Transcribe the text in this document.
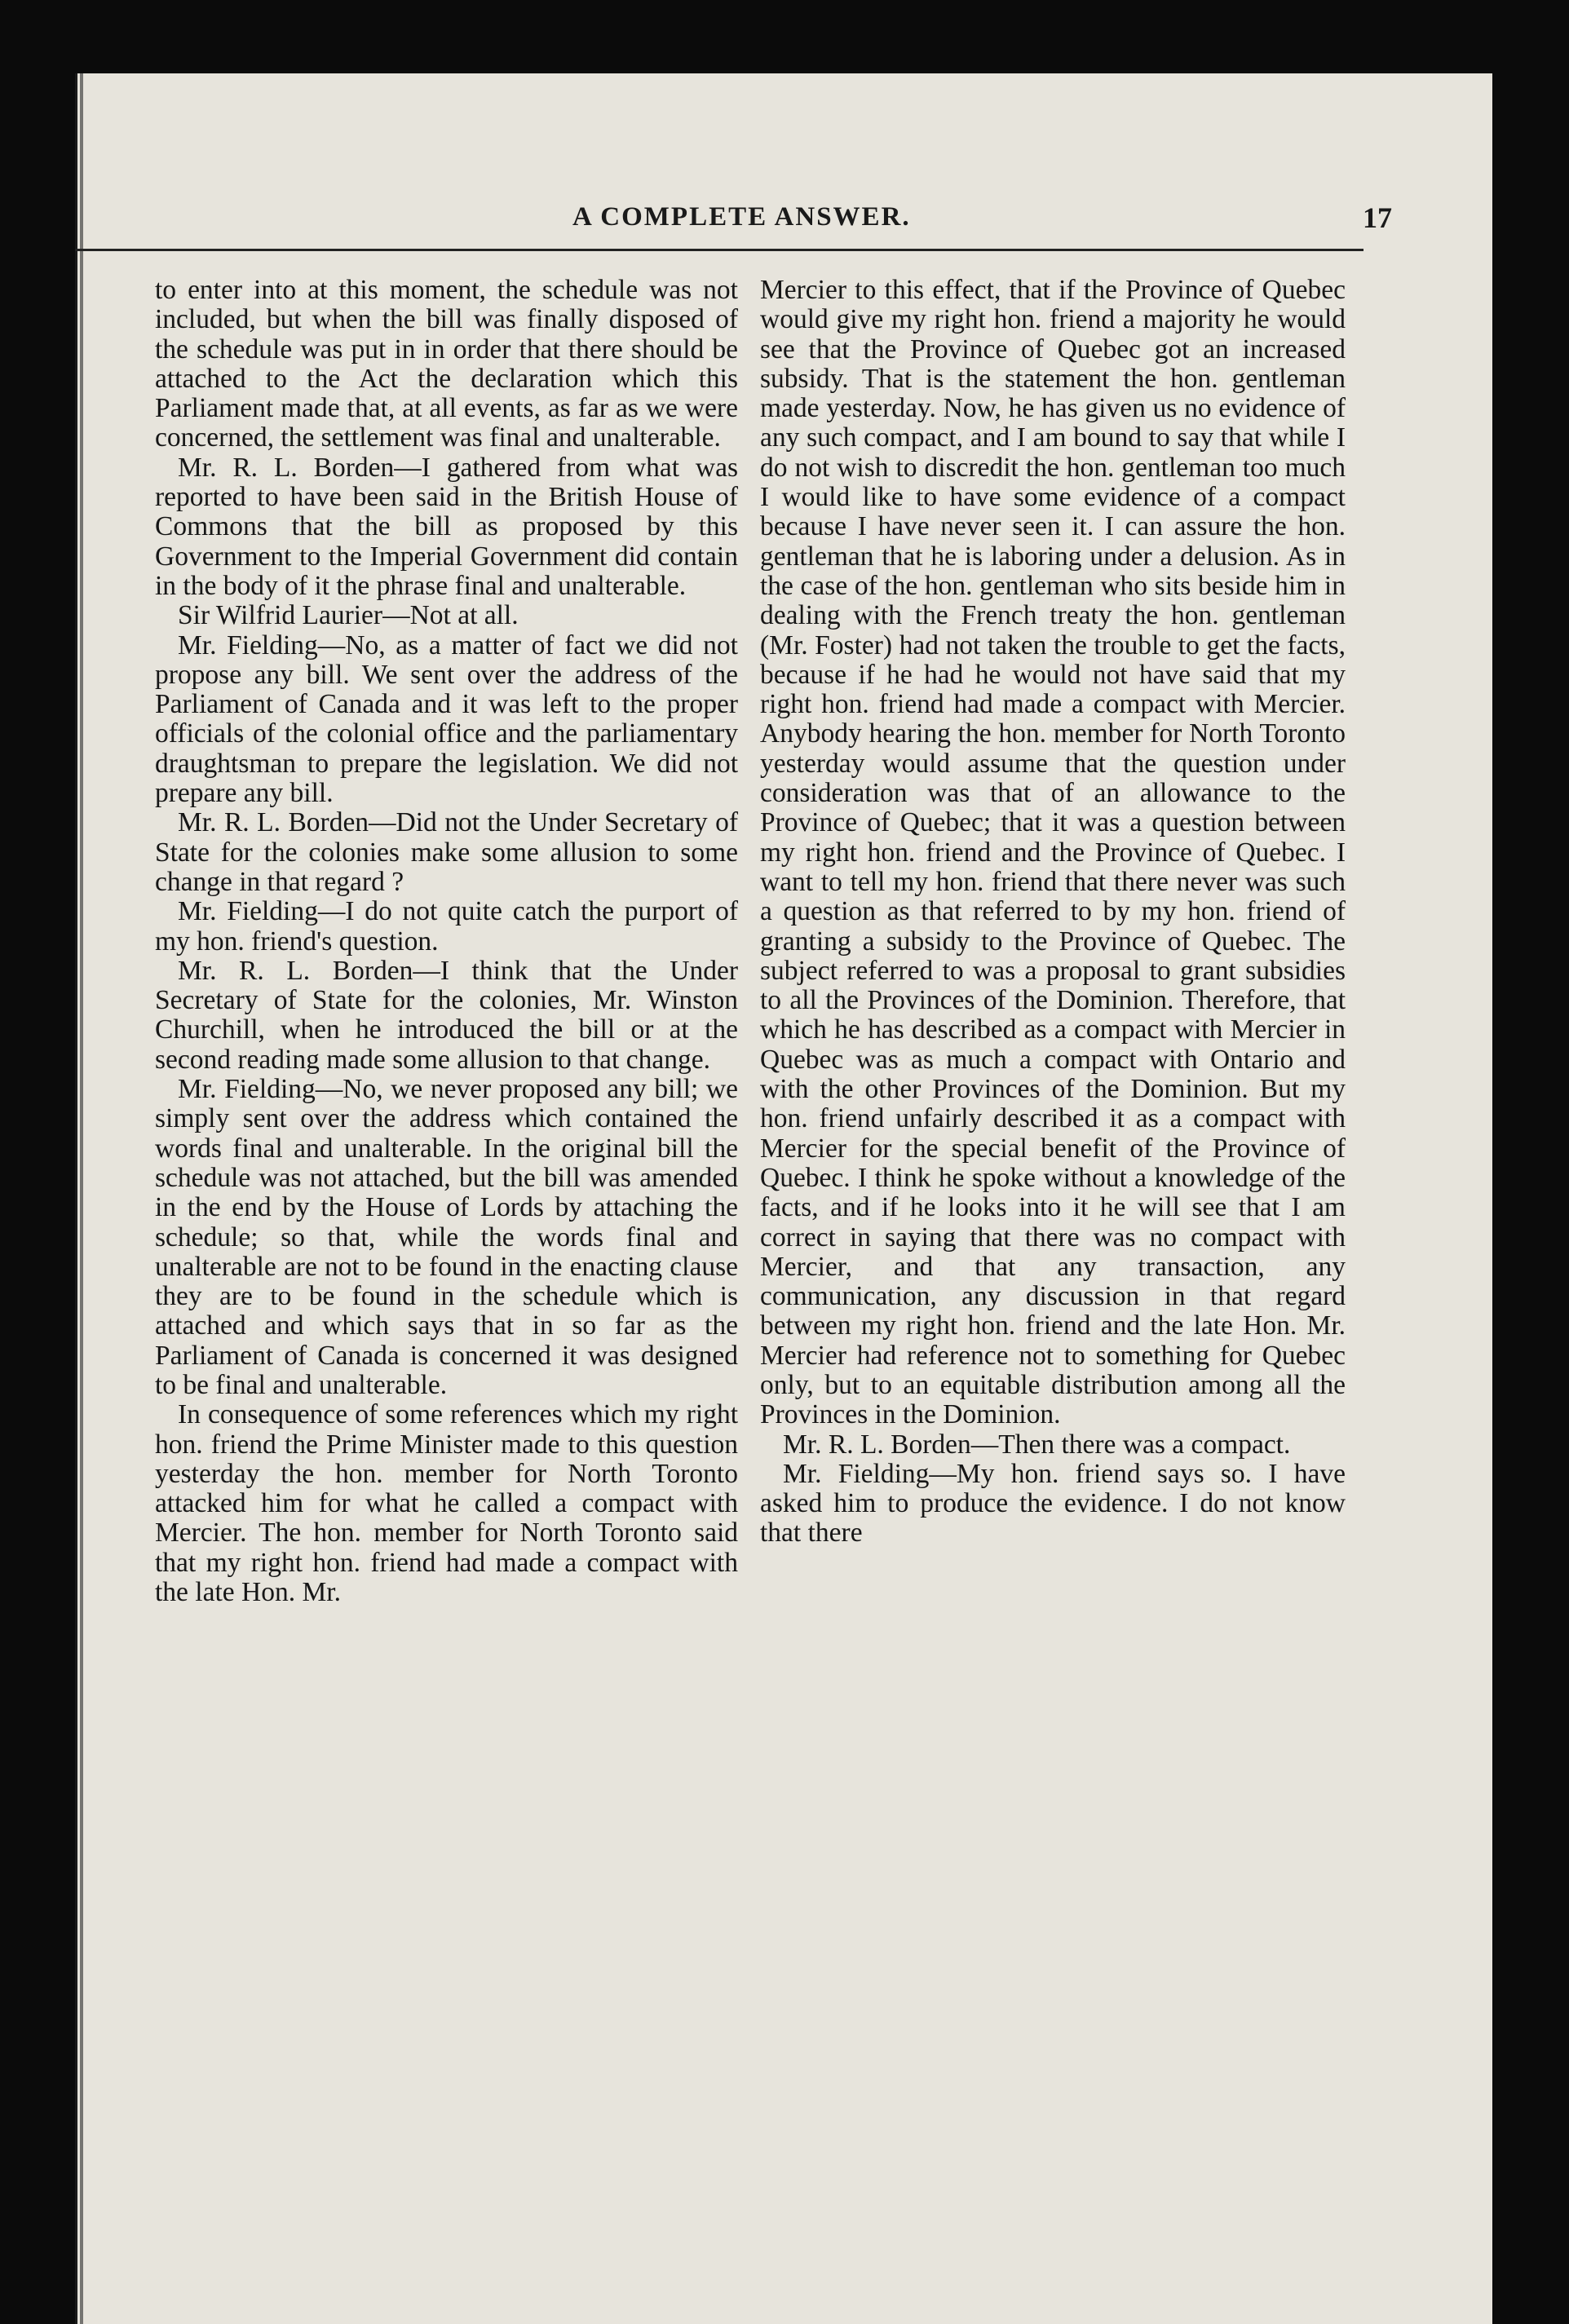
A COMPLETE ANSWER.	17

to enter into at this moment, the schedule was not included, but when the bill was finally disposed of the schedule was put in in order that there should be attached to the Act the declaration which this Parliament made that, at all events, as far as we were concerned, the settlement was final and unalterable.

Mr. R. L. Borden—I gathered from what was reported to have been said in the British House of Commons that the bill as proposed by this Government to the Imperial Government did contain in the body of it the phrase final and unalterable.

Sir Wilfrid Laurier—Not at all.

Mr. Fielding—No, as a matter of fact we did not propose any bill. We sent over the address of the Parliament of Canada and it was left to the proper officials of the colonial office and the parliamentary draughtsman to prepare the legislation. We did not prepare any bill.

Mr. R. L. Borden—Did not the Under Secretary of State for the colonies make some allusion to some change in that regard ?

Mr. Fielding—I do not quite catch the purport of my hon. friend's question.

Mr. R. L. Borden—I think that the Under Secretary of State for the colonies, Mr. Winston Churchill, when he introduced the bill or at the second reading made some allusion to that change.

Mr. Fielding—No, we never proposed any bill; we simply sent over the address which contained the words final and unalterable. In the original bill the schedule was not attached, but the bill was amended in the end by the House of Lords by attaching the schedule; so that, while the words final and unalterable are not to be found in the enacting clause they are to be found in the schedule which is attached and which says that in so far as the Parliament of Canada is concerned it was designed to be final and unalterable.

In consequence of some references which my right hon. friend the Prime Minister made to this question yesterday the hon. member for North Toronto attacked him for what he called a compact with Mercier. The hon. member for North Toronto said that my right hon. friend had made a compact with the late Hon. Mr.

Mercier to this effect, that if the Province of Quebec would give my right hon. friend a majority he would see that the Province of Quebec got an increased subsidy. That is the statement the hon. gentleman made yesterday. Now, he has given us no evidence of any such compact, and I am bound to say that while I do not wish to discredit the hon. gentleman too much I would like to have some evidence of a compact because I have never seen it. I can assure the hon. gentleman that he is laboring under a delusion. As in the case of the hon. gentleman who sits beside him in dealing with the French treaty the hon. gentleman (Mr. Foster) had not taken the trouble to get the facts, because if he had he would not have said that my right hon. friend had made a compact with Mercier. Anybody hearing the hon. member for North Toronto yesterday would assume that the question under consideration was that of an allowance to the Province of Quebec; that it was a question between my right hon. friend and the Province of Quebec. I want to tell my hon. friend that there never was such a question as that referred to by my hon. friend of granting a subsidy to the Province of Quebec. The subject referred to was a proposal to grant subsidies to all the Provinces of the Dominion. Therefore, that which he has described as a compact with Mercier in Quebec was as much a compact with Ontario and with the other Provinces of the Dominion. But my hon. friend unfairly described it as a compact with Mercier for the special benefit of the Province of Quebec. I think he spoke without a knowledge of the facts, and if he looks into it he will see that I am correct in saying that there was no compact with Mercier, and that any transaction, any communication, any discussion in that regard between my right hon. friend and the late Hon. Mr. Mercier had reference not to something for Quebec only, but to an equitable distribution among all the Provinces in the Dominion.

Mr. R. L. Borden—Then there was a compact.

Mr. Fielding—My hon. friend says so. I have asked him to produce the evidence. I do not know that there
